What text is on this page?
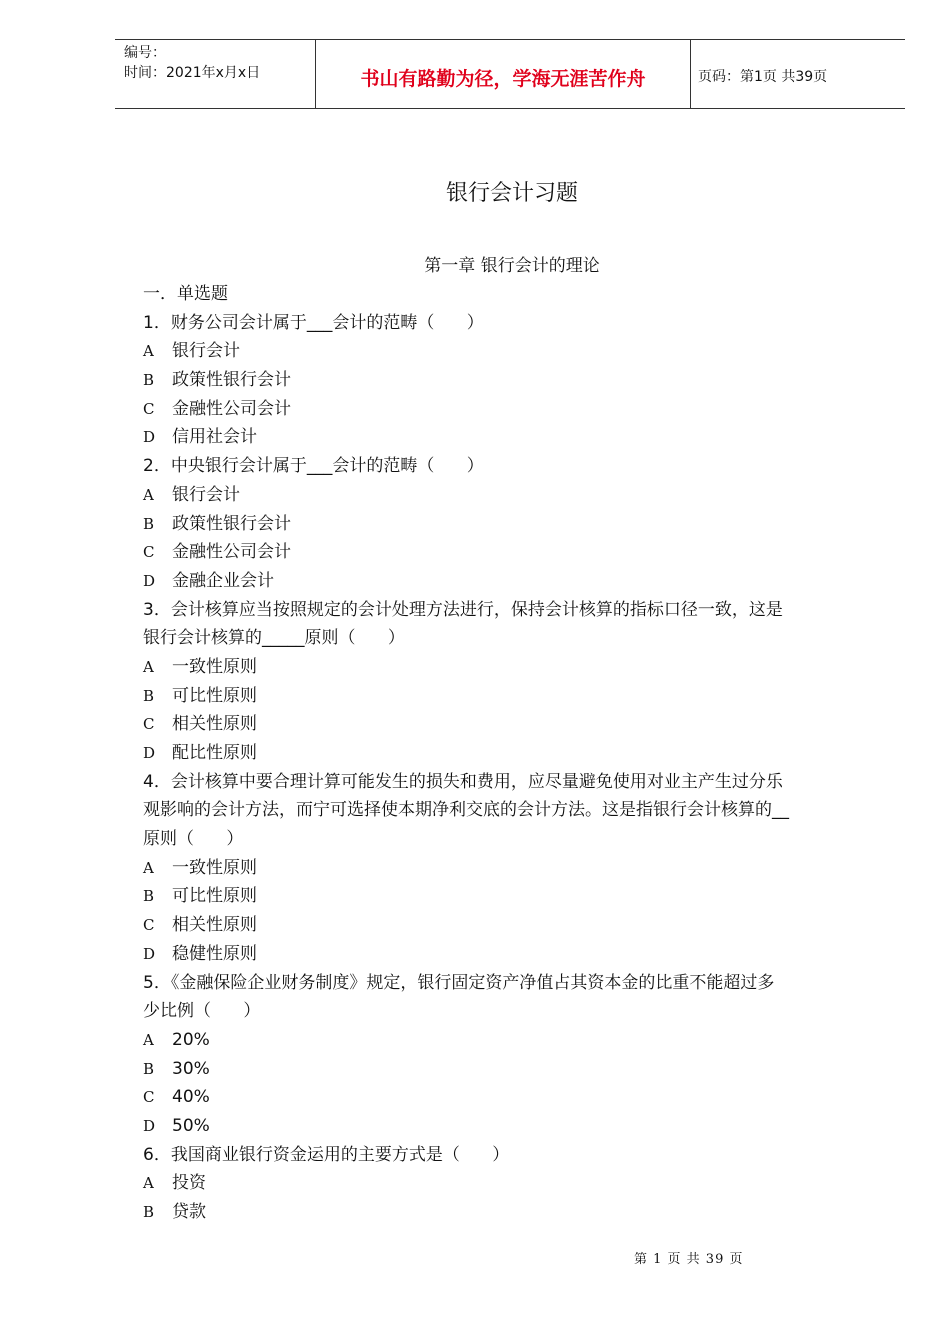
编号：
时间：2021年x月x日	书山有路勤为径，学海无涯苦作舟	页码：第1页 共39页
银行会计习题
第一章 银行会计的理论
一．单选题
1．财务公司会计属于___会计的范畴（      ）
A 银行会计
B 政策性银行会计
C 金融性公司会计
D 信用社会计
2．中央银行会计属于___会计的范畴（      ）
A 银行会计
B 政策性银行会计
C 金融性公司会计
D 金融企业会计
3．会计核算应当按照规定的会计处理方法进行，保持会计核算的指标口径一致，这是
银行会计核算的_____原则（      ）
A 一致性原则
B 可比性原则
C 相关性原则
D 配比性原则
4．会计核算中要合理计算可能发生的损失和费用，应尽量避免使用对业主产生过分乐
观影响的会计方法，而宁可选择使本期净利交底的会计方法。这是指银行会计核算的__
原则（      ）
A 一致性原则
B 可比性原则
C 相关性原则
D 稳健性原则
5．《金融保险企业财务制度》规定，银行固定资产净值占其资本金的比重不能超过多
少比例（      ）
A 20%
B 30%
C 40%
D 50%
6．我国商业银行资金运用的主要方式是（      ）
A 投资
B 贷款
第 1 页 共 39 页
